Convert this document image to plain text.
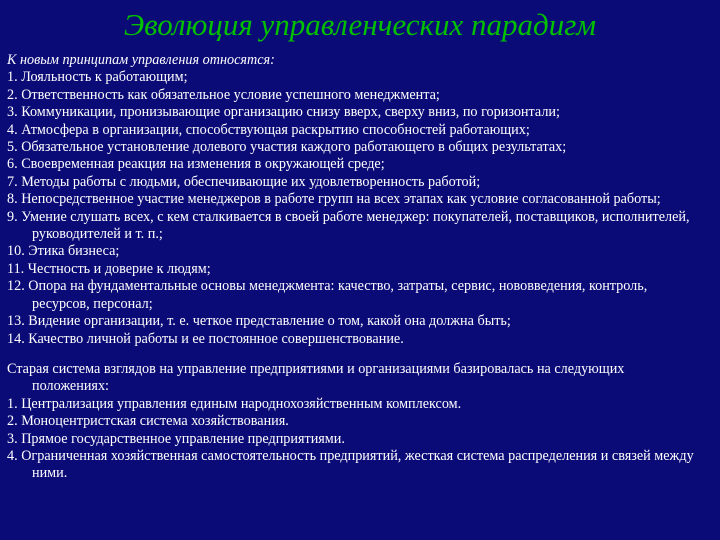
Эволюция управленческих парадигм

К новым принципам управления относятся:

1. Лояльность к работающим;
2. Ответственность как обязательное условие успешного менеджмента;
3. Коммуникации, пронизывающие организацию снизу вверх, сверху вниз, по горизонтали;
4. Атмосфера в организации, способствующая раскрытию способностей работающих;
5. Обязательное установление долевого участия каждого работающего в общих результатах;
6. Своевременная реакция на изменения в окружающей среде;
7. Методы работы с людьми, обеспечивающие их удовлетворенность работой;
8. Непосредственное участие менеджеров в работе групп на всех этапах как условие согласованной работы;
9. Умение слушать всех, с кем сталкивается в своей работе менеджер: покупателей, поставщиков, исполнителей, руководителей и т. п.;
10. Этика бизнеса;
11. Честность и доверие к людям;
12. Опора на фундаментальные основы менеджмента: качество, затраты, сервис, нововведения, контроль, ресурсов, персонал;
13. Видение организации, т. е. четкое представление о том, какой она должна быть;
14. Качество личной работы и ее постоянное совершенствование.

Старая система взглядов на управление предприятиями и организациями базировалась на следующих положениях:

1. Централизация управления единым народнохозяйственным комплексом.
2. Моноцентристская система хозяйствования.
3. Прямое государственное управление предприятиями.
4. Ограниченная хозяйственная самостоятельность предприятий, жесткая система распределения и связей между ними.
